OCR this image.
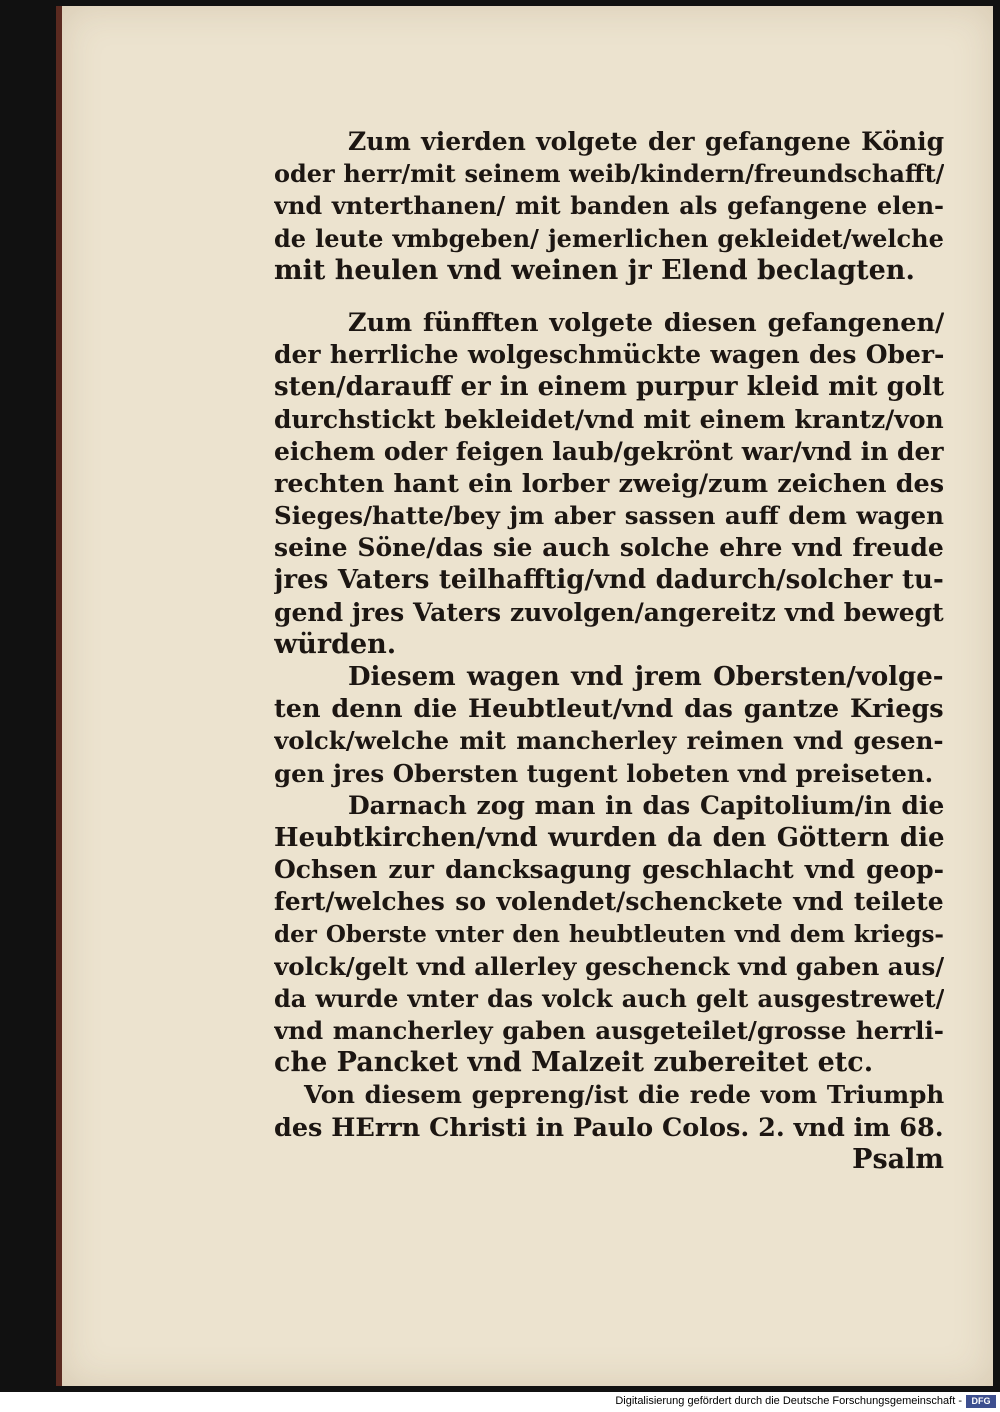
Zum vierden volgete der gefangene König
oder herr/mit seinem weib/kindern/freundschafft/
vnd vnterthanen/ mit banden als gefangene elen-
de leute vmbgeben/ jemerlichen gekleidet/welche
mit heulen vnd weinen jr Elend beclagten.
Zum fünfften volgete diesen gefangenen/
der herrliche wolgeschmückte wagen des Ober-
sten/darauff er in einem purpur kleid mit golt
durchstickt bekleidet/vnd mit einem krantz/von
eichem oder feigen laub/gekrönt war/vnd in der
rechten hant ein lorber zweig/zum zeichen des
Sieges/hatte/bey jm aber sassen auff dem wagen
seine Söne/das sie auch solche ehre vnd freude
jres Vaters teilhafftig/vnd dadurch/solcher tu-
gend jres Vaters zuvolgen/angereitz vnd bewegt
würden.
Diesem wagen vnd jrem Obersten/volge-
ten denn die Heubtleut/vnd das gantze Kriegs
volck/welche mit mancherley reimen vnd gesen-
gen jres Obersten tugent lobeten vnd preiseten.
Darnach zog man in das Capitolium/in die
Heubtkirchen/vnd wurden da den Göttern die
Ochsen zur dancksagung geschlacht vnd geop-
fert/welches so volendet/schenckete vnd teilete
der Oberste vnter den heubtleuten vnd dem kriegs-
volck/gelt vnd allerley geschenck vnd gaben aus/
da wurde vnter das volck auch gelt ausgestrewet/
vnd mancherley gaben ausgeteilet/grosse herrli-
che Pancket vnd Malzeit zubereitet etc.
Von diesem gepreng/ist die rede vom Triumph
des HErrn Christi in Paulo Colos. 2. vnd im 68.
Psalm
Digitalisierung gefördert durch die Deutsche Forschungsgemeinschaft -	DFG
